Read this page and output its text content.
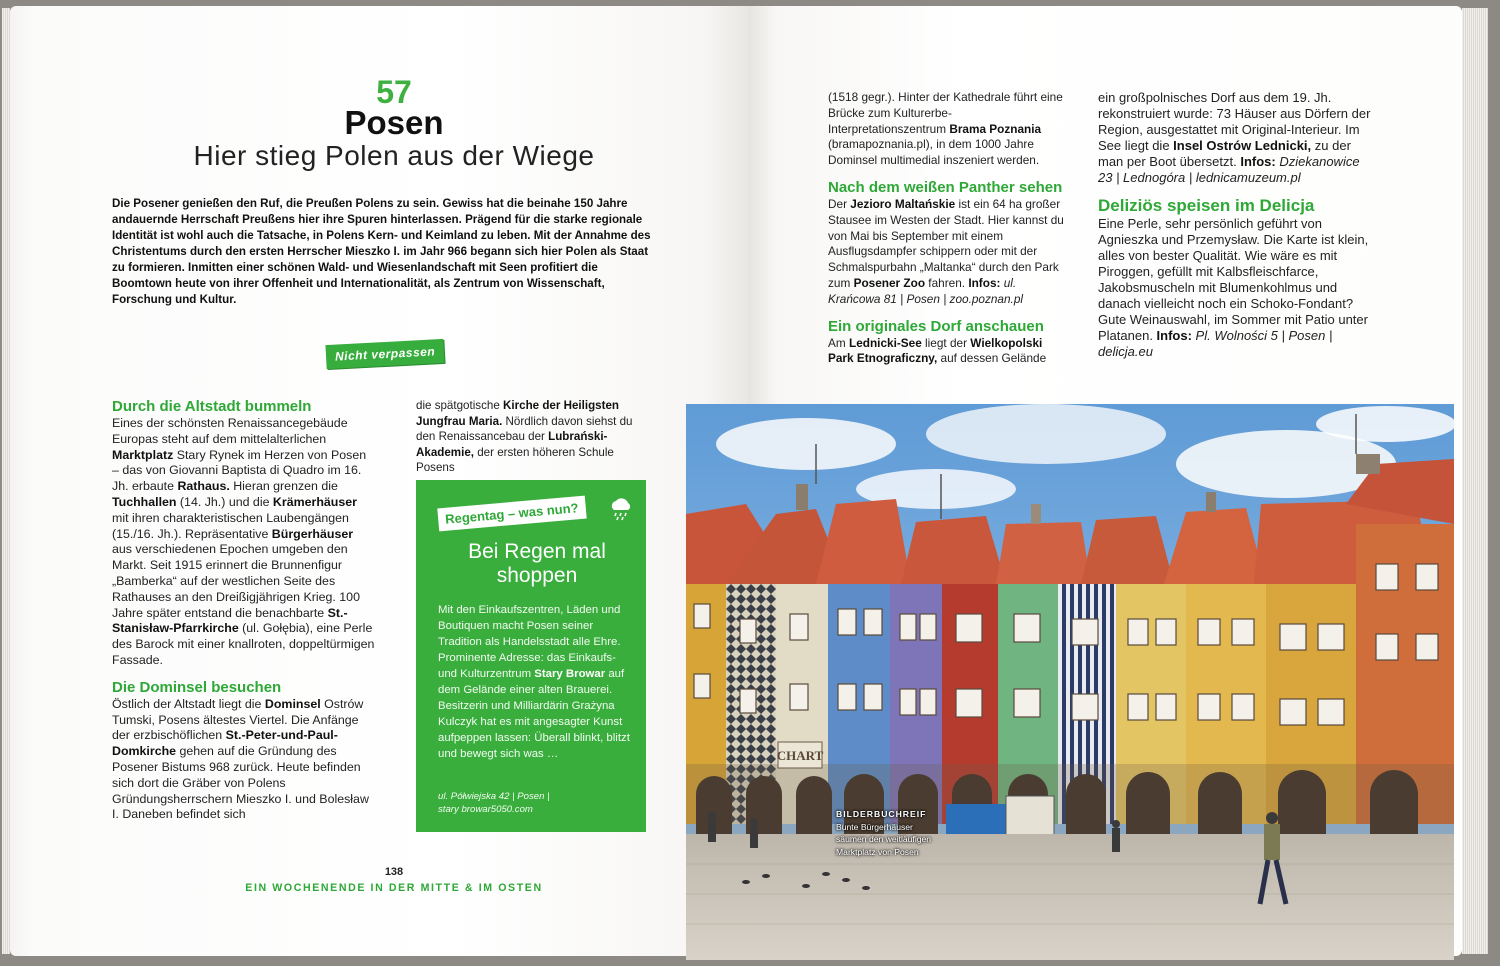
57
Posen
Hier stieg Polen aus der Wiege
Die Posener genießen den Ruf, die Preußen Polens zu sein. Gewiss hat die beinahe 150 Jahre andauernde Herrschaft Preußens hier ihre Spuren hinterlassen. Prägend für die starke regionale Identität ist wohl auch die Tatsache, in Polens Kern- und Keimland zu leben. Mit der Annahme des Christentums durch den ersten Herrscher Mieszko I. im Jahr 966 begann sich hier Polen als Staat zu formieren. Inmitten einer schönen Wald- und Wiesenlandschaft mit Seen profitiert die Boomtown heute von ihrer Offenheit und Internationalität, als Zentrum von Wissenschaft, Forschung und Kultur.
Nicht verpassen

Durch die Altstadt bummeln

Eines der schönsten Renaissancegebäude Europas steht auf dem mittelalterlichen Marktplatz Stary Rynek im Herzen von Posen – das von Giovanni Baptista di Quadro im 16. Jh. erbaute Rathaus. Hieran grenzen die Tuchhallen (14. Jh.) und die Krämerhäuser mit ihren charakteristischen Laubengängen (15./16. Jh.). Repräsentative Bürgerhäuser aus verschiedenen Epochen umgeben den Markt. Seit 1915 erinnert die Brunnenfigur „Bamberka“ auf der westlichen Seite des Rathauses an den Dreißigjährigen Krieg. 100 Jahre später entstand die benachbarte St.-Stanisław-Pfarrkirche (ul. Gołębia), eine Perle des Barock mit einer knallroten, doppeltürmigen Fassade.

Die Dominsel besuchen

Östlich der Altstadt liegt die Dominsel Ostrów Tumski, Posens ältestes Viertel. Die Anfänge der erzbischöflichen St.-Peter-und-Paul-Domkirche gehen auf die Gründung des Posener Bistums 968 zurück. Heute befinden sich dort die Gräber von Polens Gründungsherrschern Mieszko I. und Bolesław I. Daneben befindet sich

die spätgotische Kirche der Heiligsten Jungfrau Maria. Nördlich davon siehst du den Renaissancebau der Lubrański-Akademie, der ersten höheren Schule Posens

Regentag – was nun?
Bei Regen mal shoppen
Mit den Einkaufszentren, Läden und Boutiquen macht Posen seiner Tradition als Handelsstadt alle Ehre. Prominente Adresse: das Einkaufs- und Kulturzentrum Stary Browar auf dem Gelände einer alten Brauerei. Besitzerin und Milliardärin Grażyna Kulczyk hat es mit angesagter Kunst aufpeppen lassen: Überall blinkt, blitzt und bewegt sich was …
ul. Półwiejska 42 | Posen |
stary browar5050.com
138
EIN WOCHENENDE IN DER MITTE & IM OSTEN

(1518 gegr.). Hinter der Kathedrale führt eine Brücke zum Kulturerbe-Interpretationszentrum Brama Poznania (bramapoznania.pl), in dem 1000 Jahre Dominsel multimedial inszeniert werden.

Nach dem weißen Panther sehen

Der Jezioro Maltańskie ist ein 64 ha großer Stausee im Westen der Stadt. Hier kannst du von Mai bis September mit einem Ausflugsdampfer schippern oder mit der Schmalspurbahn „Maltanka“ durch den Park zum Posener Zoo fahren. Infos: ul. Krańcowa 81 | Posen | zoo.poznan.pl

Ein originales Dorf anschauen

Am Lednicki-See liegt der Wielkopolski Park Etnograficzny, auf dessen Gelände

ein großpolnisches Dorf aus dem 19. Jh. rekonstruiert wurde: 73 Häuser aus Dörfern der Region, ausgestattet mit Original-Interieur. Im See liegt die Insel Ostrów Lednicki, zu der man per Boot übersetzt. Infos: Dziekanowice 23 | Lednogóra | lednicamuzeum.pl

Deliziös speisen im Delicja

Eine Perle, sehr persönlich geführt von Agnieszka und Przemysław. Die Karte ist klein, alles von bester Qualität. Wie wäre es mit Piroggen, gefüllt mit Kalbsfleischfarce, Jakobsmuscheln mit Blumenkohlmus und danach vielleicht noch ein Schoko-Fondant? Gute Weinauswahl, im Sommer mit Patio unter Platanen. Infos: Pl. Wolności 5 | Posen | delicja.eu

CHART
BILDERBUCHREIF
Bunte Bürgerhäuser
säumen den weitläufigen
Marktplatz von Posen
